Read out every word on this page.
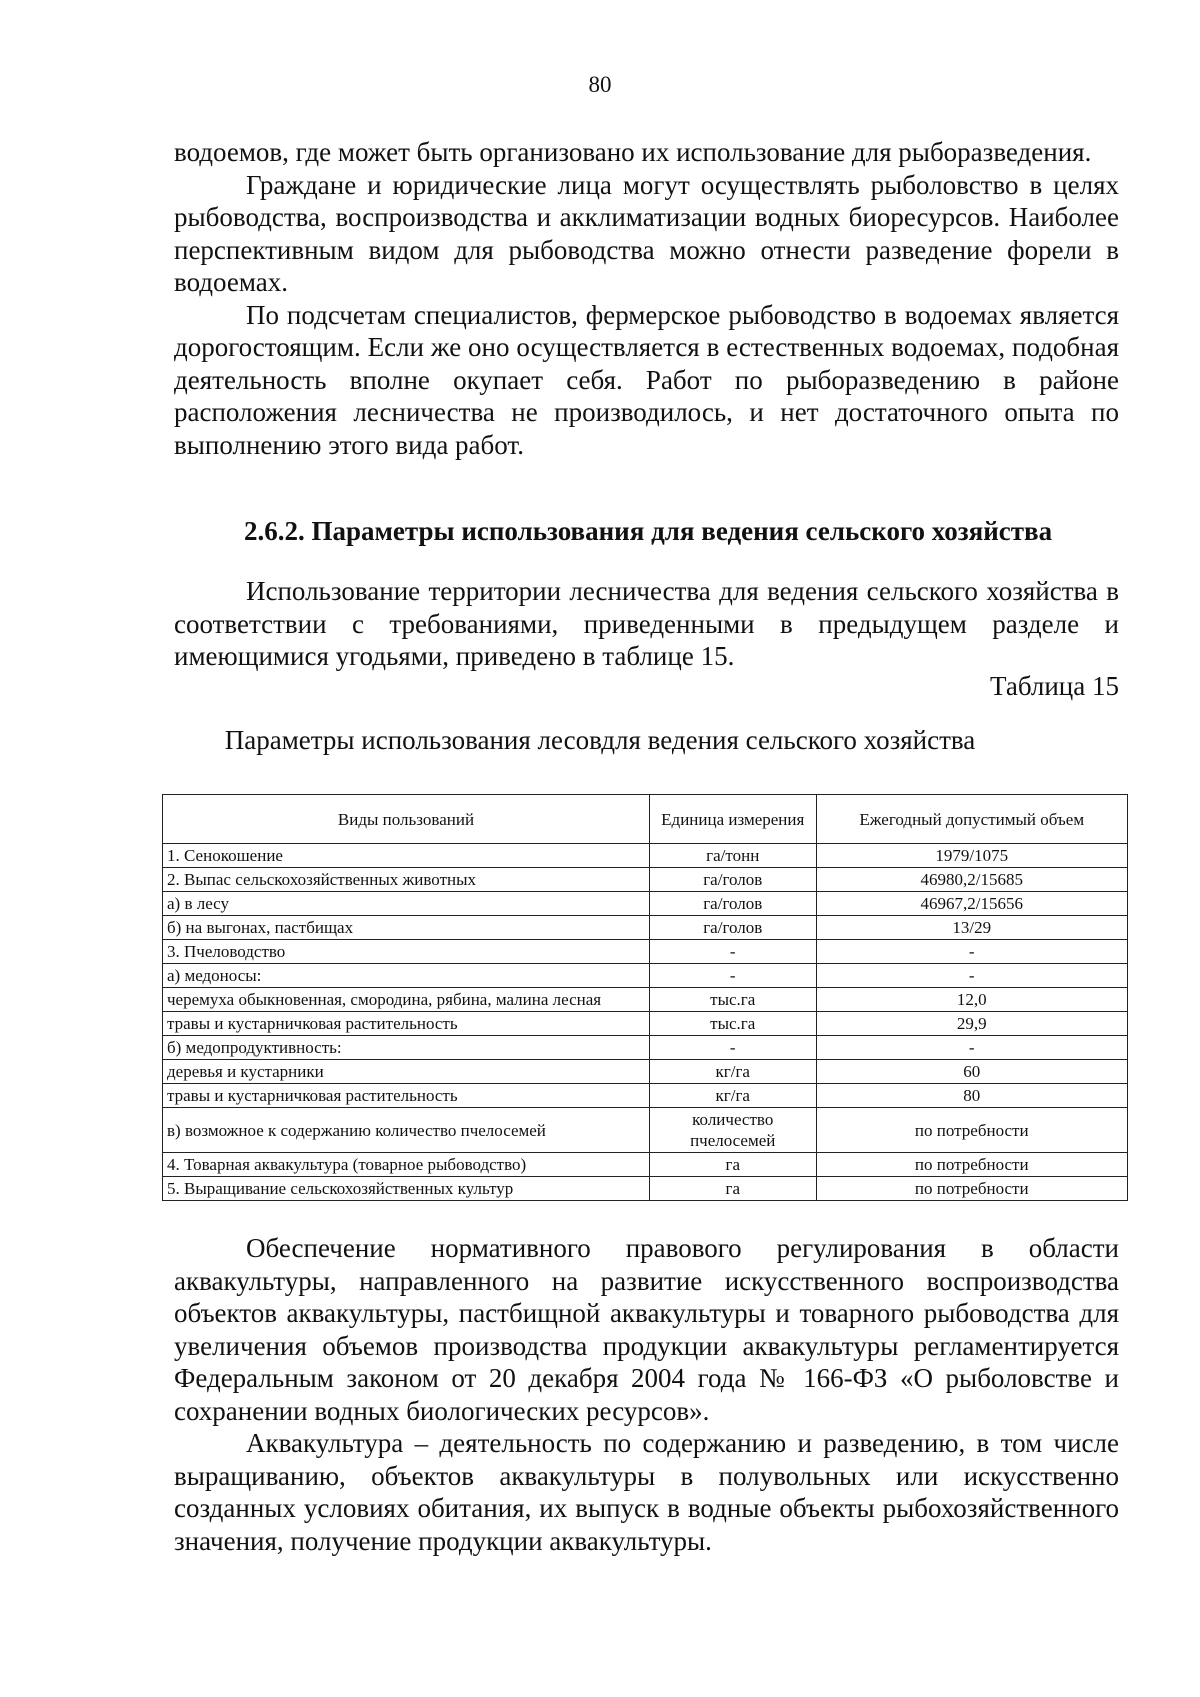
80

водоемов, где может быть организовано их использование для рыборазведения.

Граждане и юридические лица могут осуществлять рыболовство в целях рыбоводства, воспроизводства и акклиматизации водных биоресурсов. Наиболее перспективным видом для рыбоводства можно отнести разведение форели в водоемах.

По подсчетам специалистов, фермерское рыбоводство в водоемах является дорогостоящим. Если же оно осуществляется в естественных водоемах, подобная деятельность вполне окупает себя. Работ по рыборазведению в районе расположения лесничества не производилось, и нет достаточного опыта по выполнению этого вида работ.

2.6.2. Параметры использования для ведения сельского хозяйства

Использование территории лесничества для ведения сельского хозяйства в соответствии с требованиями, приведенными в предыдущем разделе и имеющимися угодьями, приведено в таблице 15.

Таблица 15
Параметры использования лесовдля ведения сельского хозяйства
Виды пользований	Единица измерения	Ежегодный допустимый объем
1. Сенокошение	га/тонн	1979/1075
2. Выпас сельскохозяйственных животных	га/голов	46980,2/15685
а) в лесу	га/голов	46967,2/15656
б) на выгонах, пастбищах	га/голов	13/29
3. Пчеловодство	-	-
а) медоносы:	-	-
черемуха обыкновенная, смородина, рябина, малина лесная	тыс.га	12,0
травы и кустарничковая растительность	тыс.га	29,9
б) медопродуктивность:	-	-
деревья и кустарники	кг/га	60
травы и кустарничковая растительность	кг/га	80
в) возможное к содержанию количество пчелосемей	количество пчелосемей	по потребности
4. Товарная аквакультура (товарное рыбоводство)	га	по потребности
5. Выращивание сельскохозяйственных культур	га	по потребности

Обеспечение нормативного правового регулирования в области аквакультуры, направленного на развитие искусственного воспроизводства объектов аквакультуры, пастбищной аквакультуры и товарного рыбоводства для увеличения объемов производства продукции аквакультуры регламентируется Федеральным законом от 20 декабря 2004 года № 166-ФЗ «О рыболовстве и сохранении водных биологических ресурсов».

Аквакультура – деятельность по содержанию и разведению, в том числе выращиванию, объектов аквакультуры в полувольных или искусственно созданных условиях обитания, их выпуск в водные объекты рыбохозяйственного значения, получение продукции аквакультуры.
